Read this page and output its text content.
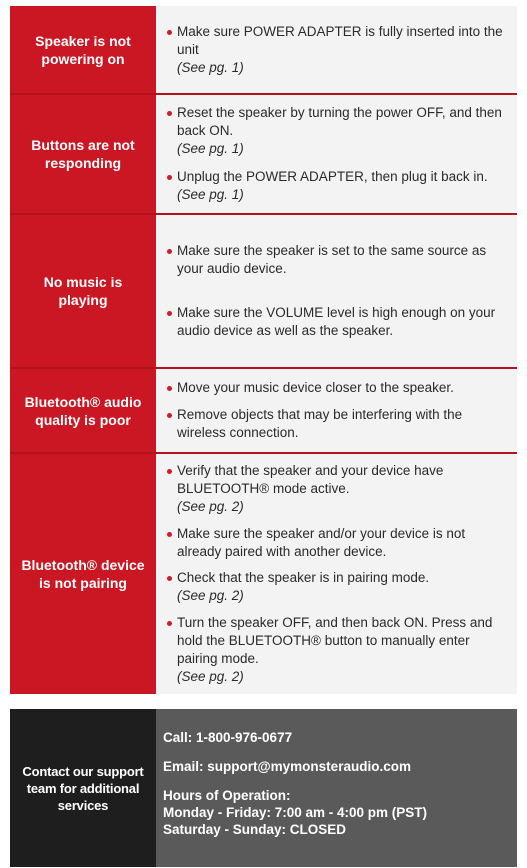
Speaker is not powering on
Make sure POWER ADAPTER is fully inserted into the unit
(See pg. 1)
Buttons are not responding
Reset the speaker by turning the power OFF, and then back ON.
(See pg. 1)
Unplug the POWER ADAPTER, then plug it back in.
(See pg. 1)
No music is playing
Make sure the speaker is set to the same source as your audio device.
Make sure the VOLUME level is high enough on your audio device as well as the speaker.
Bluetooth® audio quality is poor
Move your music device closer to the speaker.
Remove objects that may be interfering with the wireless connection.
Bluetooth® device is not pairing
Verify that the speaker and your device have BLUETOOTH® mode active.
(See pg. 2)
Make sure the speaker and/or your device is not already paired with another device.
Check that the speaker is in pairing mode.
(See pg. 2)
Turn the speaker OFF, and then back ON. Press and hold the BLUETOOTH® button to manually enter pairing mode.
(See pg. 2)
Contact our support team for additional services
Call: 1-800-976-0677
Email: support@mymonsteraudio.com
Hours of Operation:
Monday - Friday: 7:00 am - 4:00 pm (PST)
Saturday - Sunday: CLOSED
